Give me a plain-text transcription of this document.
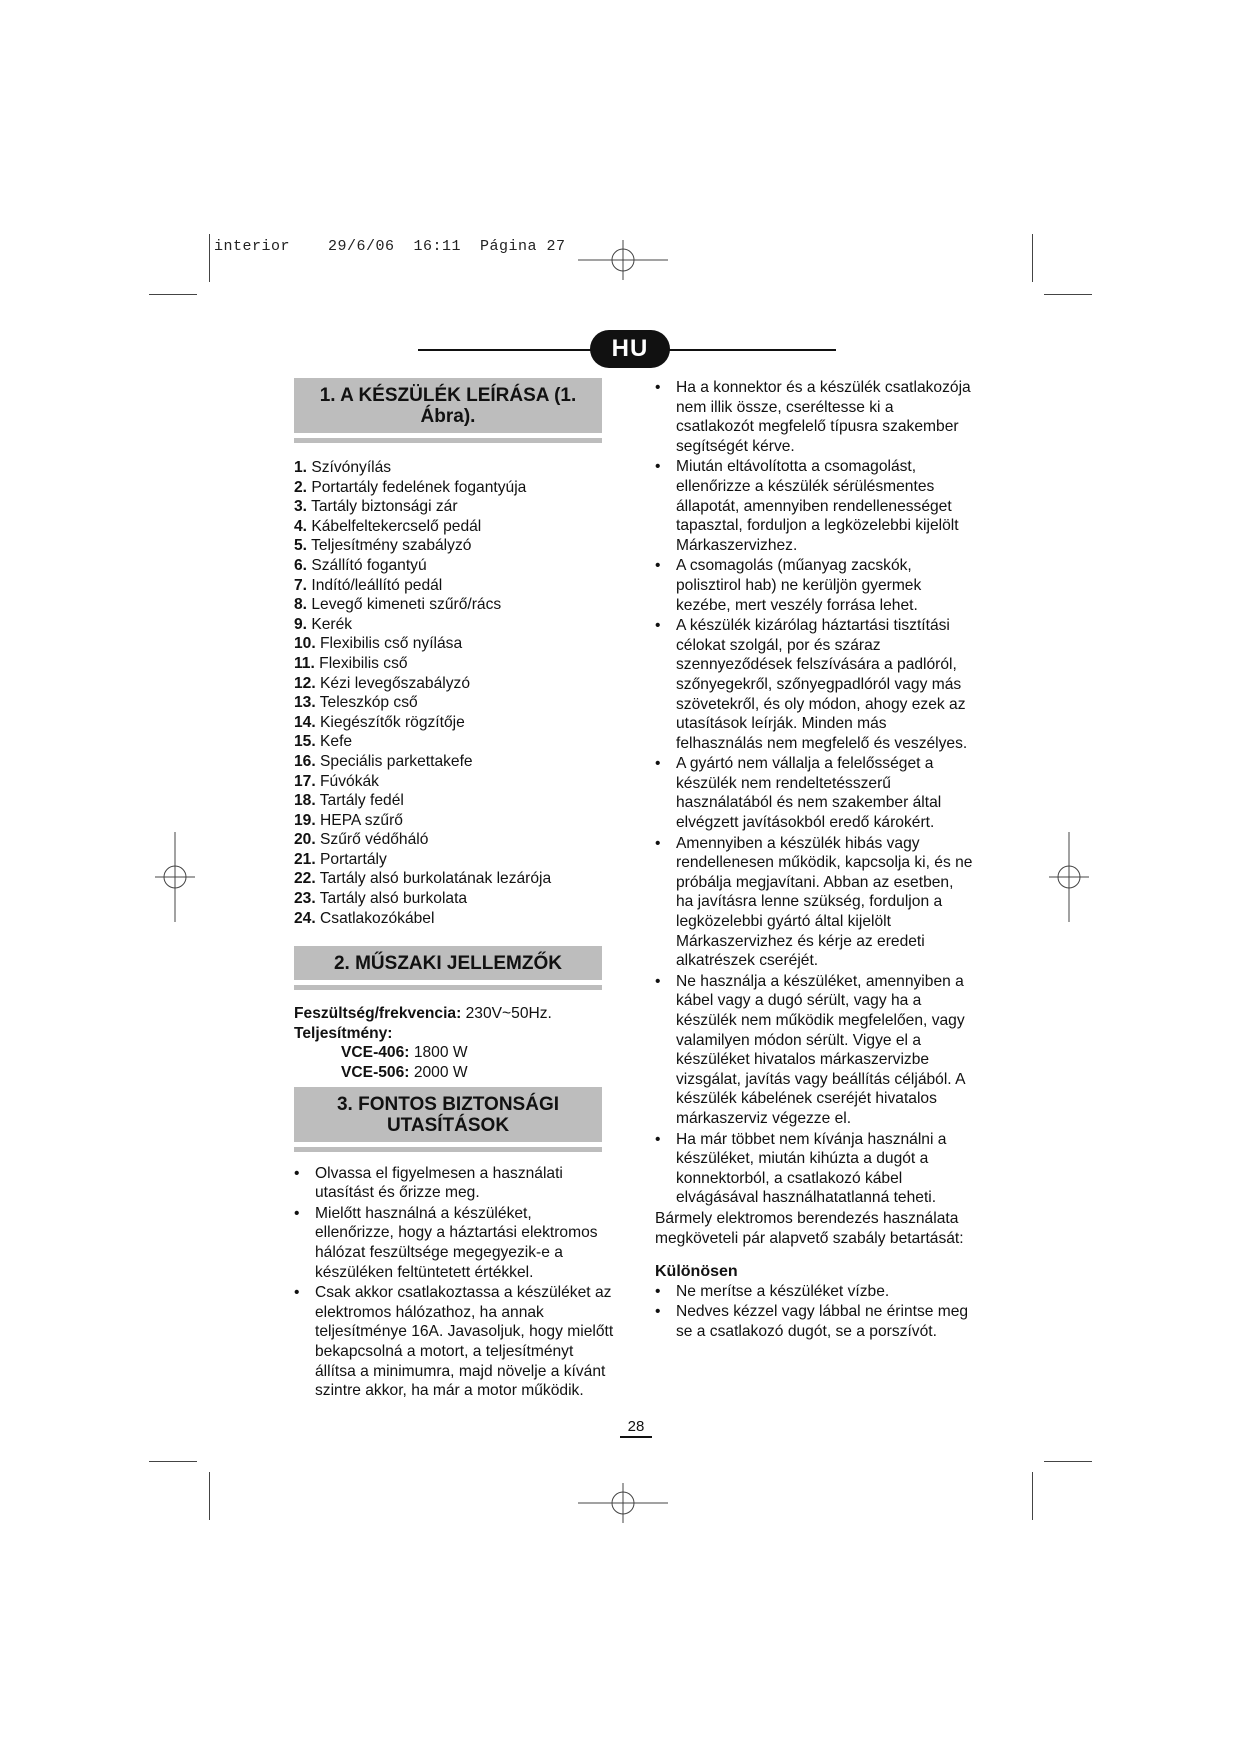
interior    29/6/06  16:11  Página 27
HU
1. A KÉSZÜLÉK LEÍRÁSA (1. Ábra).
1. Szívónyílás
2. Portartály fedelének fogantyúja
3. Tartály biztonsági zár
4. Kábelfeltekercselő pedál
5. Teljesítmény szabályzó
6. Szállító fogantyú
7. Indító/leállító pedál
8. Levegő kimeneti szűrő/rács
9. Kerék
10. Flexibilis cső nyílása
11. Flexibilis cső
12. Kézi levegőszabályzó
13. Teleszkóp cső
14. Kiegészítők rögzítője
15. Kefe
16. Speciális parkettakefe
17. Fúvókák
18. Tartály fedél
19. HEPA szűrő
20. Szűrő védőháló
21. Portartály
22. Tartály alsó burkolatának lezárója
23. Tartály alsó burkolata
24. Csatlakozókábel
2. MŰSZAKI JELLEMZŐK

Feszültség/frekvencia: 230V~50Hz.

Teljesítmény:

VCE-406: 1800 W

VCE-506: 2000 W

3. FONTOS BIZTONSÁGI
UTASÍTÁSOK
• Olvassa el figyelmesen a használati utasítást és őrizze meg.
• Mielőtt használná a készüléket, ellenőrizze, hogy a háztartási elektromos hálózat feszültsége megegyezik-e a készüléken feltüntetett értékkel.
• Csak akkor csatlakoztassa a készüléket az elektromos hálózathoz, ha annak teljesítménye 16A. Javasoljuk, hogy mielőtt bekapcsolná a motort, a teljesítményt állítsa a minimumra, majd növelje a kívánt szintre akkor, ha már a motor működik.
• Ha a konnektor és a készülék csatlakozója nem illik össze, cseréltesse ki a csatlakozót megfelelő típusra szakember segítségét kérve.
• Miután eltávolította a csomagolást, ellenőrizze a készülék sérülésmentes állapotát, amennyiben rendellenességet tapasztal, forduljon a legközelebbi kijelölt Márkaszervizhez.
• A csomagolás (műanyag zacskók, polisztirol hab) ne kerüljön gyermek kezébe, mert veszély forrása lehet.
• A készülék kizárólag háztartási tisztítási célokat szolgál, por és száraz szennyeződések felszívására a padlóról, szőnyegekről, szőnyegpadlóról vagy más szövetekről, és oly módon, ahogy ezek az utasítások leírják. Minden más felhasználás nem megfelelő és veszélyes.
• A gyártó nem vállalja a felelősséget a készülék nem rendeltetésszerű használatából és nem szakember által elvégzett javításokból eredő károkért.
• Amennyiben a készülék hibás vagy rendellenesen működik, kapcsolja ki, és ne próbálja megjavítani. Abban az esetben, ha javításra lenne szükség, forduljon a legközelebbi gyártó által kijelölt Márkaszervizhez és kérje az eredeti alkatrészek cseréjét.
• Ne használja a készüléket, amennyiben a kábel vagy a dugó sérült, vagy ha a készülék nem működik megfelelően, vagy valamilyen módon sérült. Vigye el a készüléket hivatalos márkaszervizbe vizsgálat, javítás vagy beállítás céljából. A készülék kábelének cseréjét hivatalos márkaszerviz végezze el.
• Ha már többet nem kívánja használni a készüléket, miután kihúzta a dugót a konnektorból, a csatlakozó kábel elvágásával használhatatlanná teheti.

Bármely elektromos berendezés használata megköveteli pár alapvető szabály betartását:

Különösen
• Ne merítse a készüléket vízbe.
• Nedves kézzel vagy lábbal ne érintse meg se a csatlakozó dugót, se a porszívót.
28
